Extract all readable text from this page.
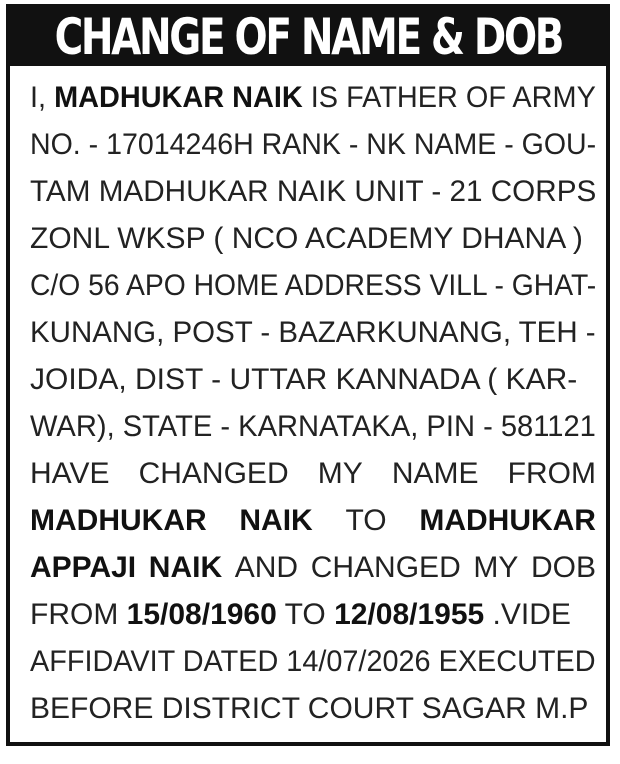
CHANGE OF NAME & DOB
I, MADHUKAR NAIK IS FATHER OF ARMY
NO. - 17014246H RANK - NK NAME - GOU-
TAM MADHUKAR NAIK UNIT - 21 CORPS
ZONL WKSP ( NCO ACADEMY DHANA )
C/O 56 APO HOME ADDRESS VILL - GHAT-
KUNANG, POST - BAZARKUNANG, TEH -
JOIDA, DIST - UTTAR KANNADA ( KAR-
WAR), STATE - KARNATAKA, PIN - 581121
HAVE CHANGED MY NAME FROM
MADHUKAR NAIK TO MADHUKAR
APPAJI NAIK AND CHANGED MY DOB
FROM 15/08/1960 TO 12/08/1955 .VIDE
AFFIDAVIT DATED 14/07/2026 EXECUTED
BEFORE DISTRICT COURT SAGAR M.P
